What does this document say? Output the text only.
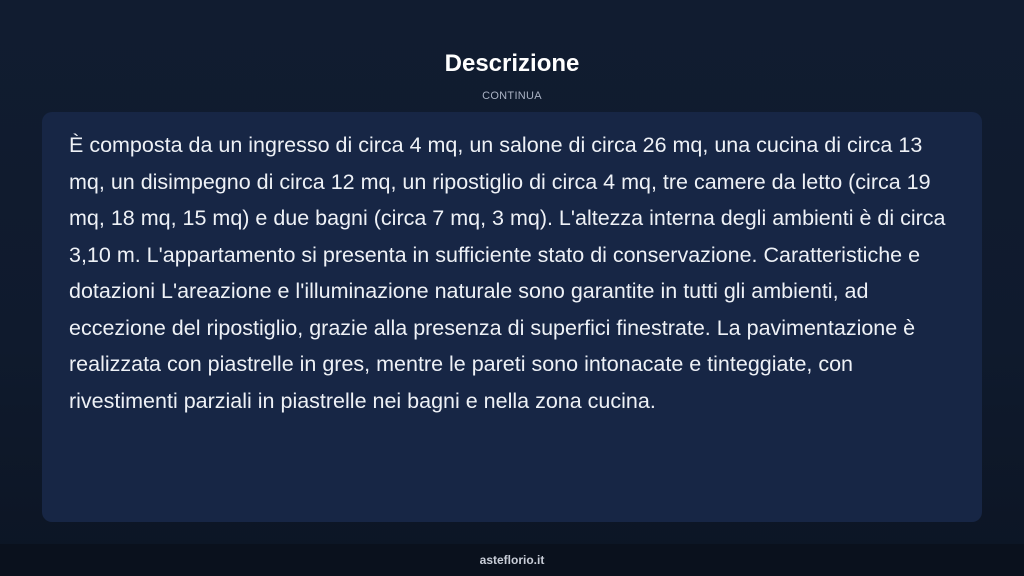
Descrizione
CONTINUA

È composta da un ingresso di circa 4 mq, un salone di circa 26 mq, una cucina di circa 13 mq, un disimpegno di circa 12 mq, un ripostiglio di circa 4 mq, tre camere da letto (circa 19 mq, 18 mq, 15 mq) e due bagni (circa 7 mq, 3 mq). L'altezza interna degli ambienti è di circa 3,10 m. L'appartamento si presenta in sufficiente stato di conservazione. Caratteristiche e dotazioni L'areazione e l'illuminazione naturale sono garantite in tutti gli ambienti, ad eccezione del ripostiglio, grazie alla presenza di superfici finestrate. La pavimentazione è realizzata con piastrelle in gres, mentre le pareti sono intonacate e tinteggiate, con rivestimenti parziali in piastrelle nei bagni e nella zona cucina.

asteflorio.it
